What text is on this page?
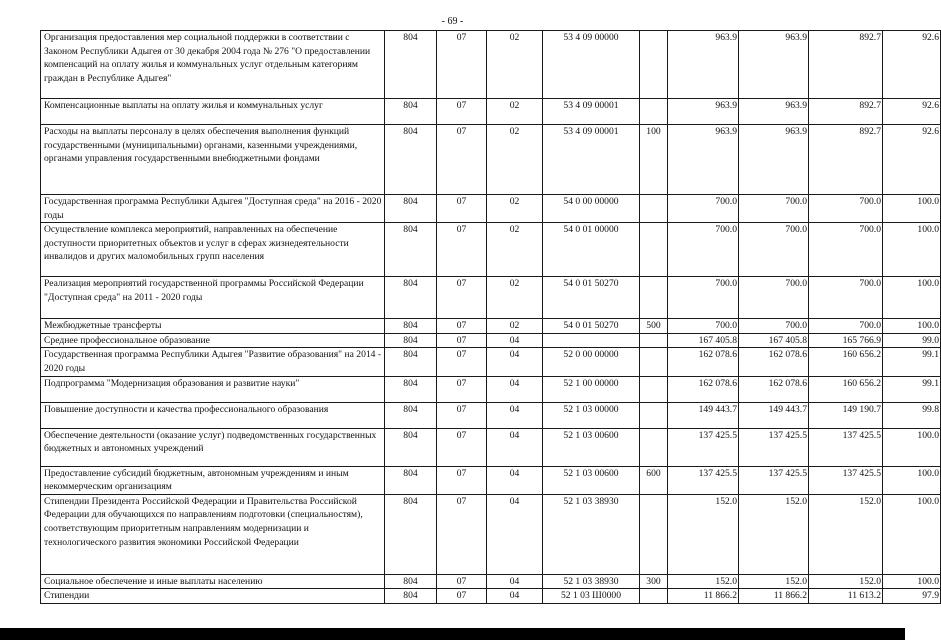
- 69 -
Организация предоставления мер социальной поддержки в соответствии с Законом Республики Адыгея от 30 декабря 2004 года № 276 "О предоставлении компенсаций на оплату жилья и коммунальных услуг отдельным категориям граждан в Республике Адыгея"	804	07	02	53 4 09 00000		963.9	963.9	892.7	92.6
Компенсационные выплаты на оплату жилья и коммунальных услуг	804	07	02	53 4 09 00001		963.9	963.9	892.7	92.6
Расходы на выплаты персоналу в целях обеспечения выполнения функций государственными (муниципальными) органами, казенными учреждениями, органами управления государственными внебюджетными фондами	804	07	02	53 4 09 00001	100	963.9	963.9	892.7	92.6
Государственная программа Республики Адыгея "Доступная среда" на 2016 - 2020 годы	804	07	02	54 0 00 00000		700.0	700.0	700.0	100.0
Осуществление комплекса мероприятий, направленных на обеспечение доступности приоритетных объектов и услуг в сферах жизнедеятельности инвалидов и других маломобильных групп населения	804	07	02	54 0 01 00000		700.0	700.0	700.0	100.0
Реализация мероприятий государственной программы Российской Федерации "Доступная среда" на 2011 - 2020 годы	804	07	02	54 0 01 50270		700.0	700.0	700.0	100.0
Межбюджетные трансферты	804	07	02	54 0 01 50270	500	700.0	700.0	700.0	100.0
Среднее профессиональное образование	804	07	04			167 405.8	167 405.8	165 766.9	99.0
Государственная программа Республики Адыгея "Развитие образования" на 2014 - 2020 годы	804	07	04	52 0 00 00000		162 078.6	162 078.6	160 656.2	99.1
Подпрограмма "Модернизация образования и развитие науки"	804	07	04	52 1 00 00000		162 078.6	162 078.6	160 656.2	99.1
Повышение доступности и качества профессионального образования	804	07	04	52 1 03 00000		149 443.7	149 443.7	149 190.7	99.8
Обеспечение деятельности (оказание услуг) подведомственных государственных бюджетных и автономных учреждений	804	07	04	52 1 03 00600		137 425.5	137 425.5	137 425.5	100.0
Предоставление субсидий бюджетным, автономным учреждениям и иным некоммерческим организациям	804	07	04	52 1 03 00600	600	137 425.5	137 425.5	137 425.5	100.0
Стипендии Президента Российской Федерации и Правительства Российской Федерации для обучающихся по направлениям подготовки (специальностям), соответствующим приоритетным направлениям модернизации и технологического развития экономики Российской Федерации	804	07	04	52 1 03 38930		152.0	152.0	152.0	100.0
Социальное обеспечение и иные выплаты населению	804	07	04	52 1 03 38930	300	152.0	152.0	152.0	100.0
Стипендии	804	07	04	52 1 03 Ш0000		11 866.2	11 866.2	11 613.2	97.9
